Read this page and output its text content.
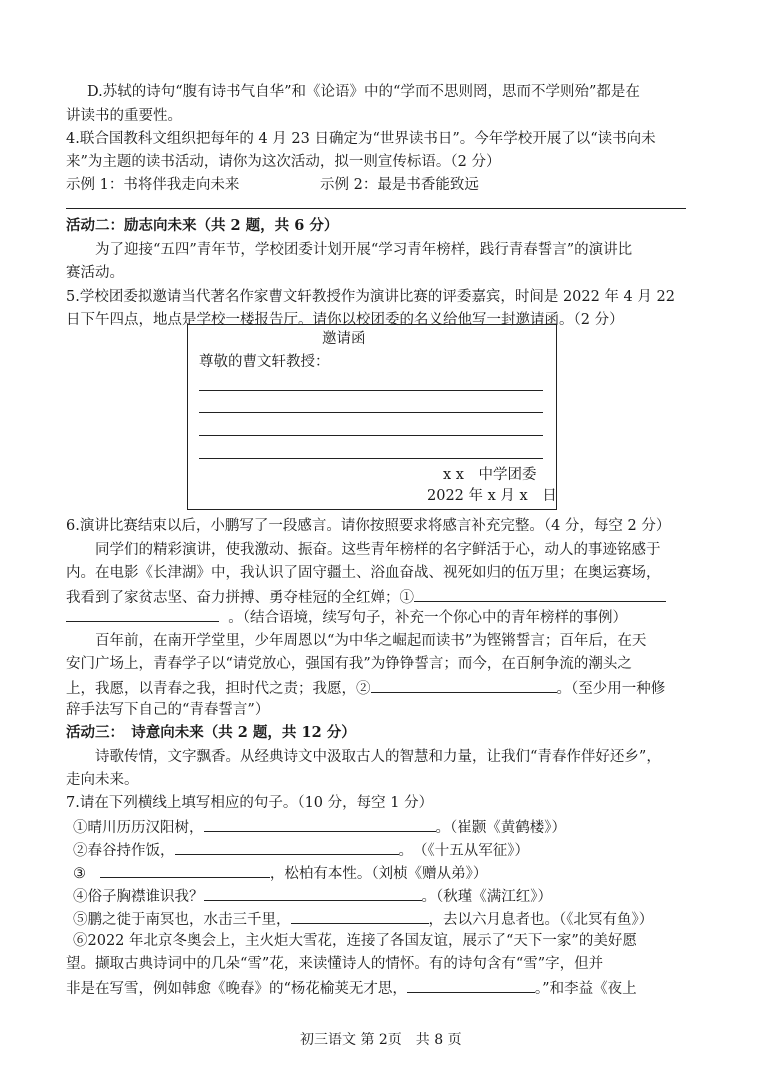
D.苏轼的诗句“腹有诗书气自华”和《论语》中的“学而不思则罔，思而不学则殆”都是在
讲读书的重要性。
4.联合国教科文组织把每年的 4 月 23 日确定为“世界读书日”。今年学校开展了以“读书向未
来”为主题的读书活动，请你为这次活动，拟一则宣传标语。（2 分）
示例 1：书将伴我走向未来	示例 2：最是书香能致远
活动二：励志向未来（共 2 题，共 6 分）
为了迎接“五四”青年节，学校团委计划开展“学习青年榜样，践行青春誓言”的演讲比
赛活动。
5.学校团委拟邀请当代著名作家曹文轩教授作为演讲比赛的评委嘉宾，时间是 2022 年 4 月 22
日下午四点，地点是学校一楼报告厅。请你以校团委的名义给他写一封邀请函。（2 分）
邀请函
尊敬的曹文轩教授：
x x　中学团委
2022 年 x 月 x　日
6.演讲比赛结束以后，小鹏写了一段感言。请你按照要求将感言补充完整。（4 分，每空 2 分）
同学们的精彩演讲，使我激动、振奋。这些青年榜样的名字鲜活于心，动人的事迹铭感于
内。在电影《长津湖》中，我认识了固守疆土、浴血奋战、视死如归的伍万里；在奥运赛场，
我看到了家贫志坚、奋力拼搏、勇夺桂冠的全红婵；①
。（结合语境，续写句子，补充一个你心中的青年榜样的事例）
百年前，在南开学堂里，少年周恩以“为中华之崛起而读书”为铿锵誓言；百年后，在天
安门广场上，青春学子以“请党放心，强国有我”为铮铮誓言；而今，在百舸争流的潮头之
上，我愿，以青春之我，担时代之责；我愿，②	。（至少用一种修
辞手法写下自己的“青春誓言”）
活动三：　诗意向未来（共 2 题，共 12 分）
诗歌传情，文字飘香。从经典诗文中汲取古人的智慧和力量，让我们“青春作伴好还乡”，
走向未来。
7.请在下列横线上填写相应的句子。（10 分，每空 1 分）
①晴川历历汉阳树，	。（崔颢《黄鹤楼》）
②春谷持作饭，	。　（《十五从军征》）
③	，松柏有本性。（刘桢《赠从弟》）
④俗子胸襟谁识我？	。（秋瑾《满江红》）
⑤鹏之徙于南冥也，水击三千里，	，去以六月息者也。（《北冥有鱼》）
⑥2022 年北京冬奥会上，主火炬大雪花，连接了各国友谊，展示了“天下一家”的美好愿
望。撷取古典诗词中的几朵“雪”花，来读懂诗人的情怀。有的诗句含有“雪”字，但并
非是在写雪，例如韩愈《晚春》的“杨花榆荚无才思，	。”和李益《夜上
初三语文 第 2页　共 8 页
